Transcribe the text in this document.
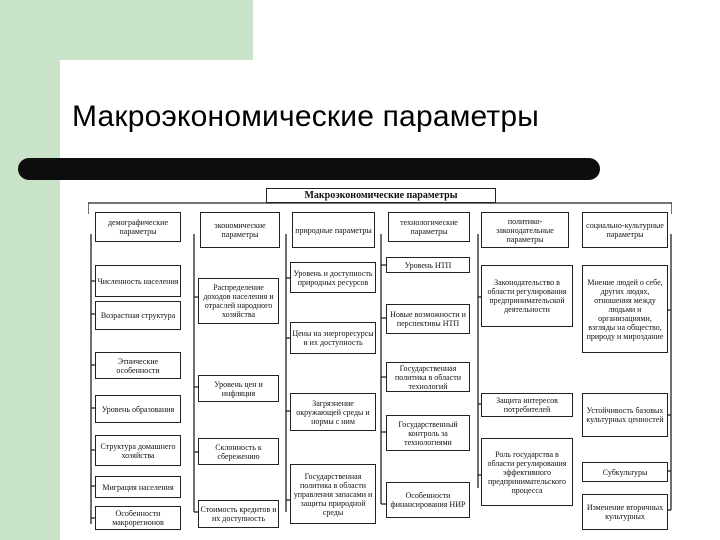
Макроэкономические параметры
Макроэкономические параметры
демографические параметры
экономические параметры	природные параметры
технологические параметры
политико-законодательные параметры
социально-культурные параметры
Численность населения
Возрастная структура
Этнические особенности
Уровень образования
Структура домашнего хозяйства
Миграция населения
Особенности макрорегионов
Распределение доходов населения и отраслей народного хозяйства
Уровень цен и инфляция
Склонность к сбережению
Стоимость кредитов и их доступность
Уровень и доступность природных ресурсов
Цены на энергоресурсы и их доступность
Загрязнение окружающей среды и нормы с ним
Государственная политика в области управления запасами и защиты природной среды
Уровень НТП
Новые возможности и перспективы НТП
Государственная политика в области технологий
Государственный контроль за технологиями
Особенности финансирования НИР
Законодательство в области регулирования предпринимательской деятельности
Защита интересов потребителей
Роль государства в области регулирования эффективного предпринимательского процесса
Мнение людей о себе, других людях, отношения между людьми и организациями, взгляды на общество, природу и мироздание
Устойчивость базовых культурных ценностей
Субкультуры
Изменение вторичных культурных
